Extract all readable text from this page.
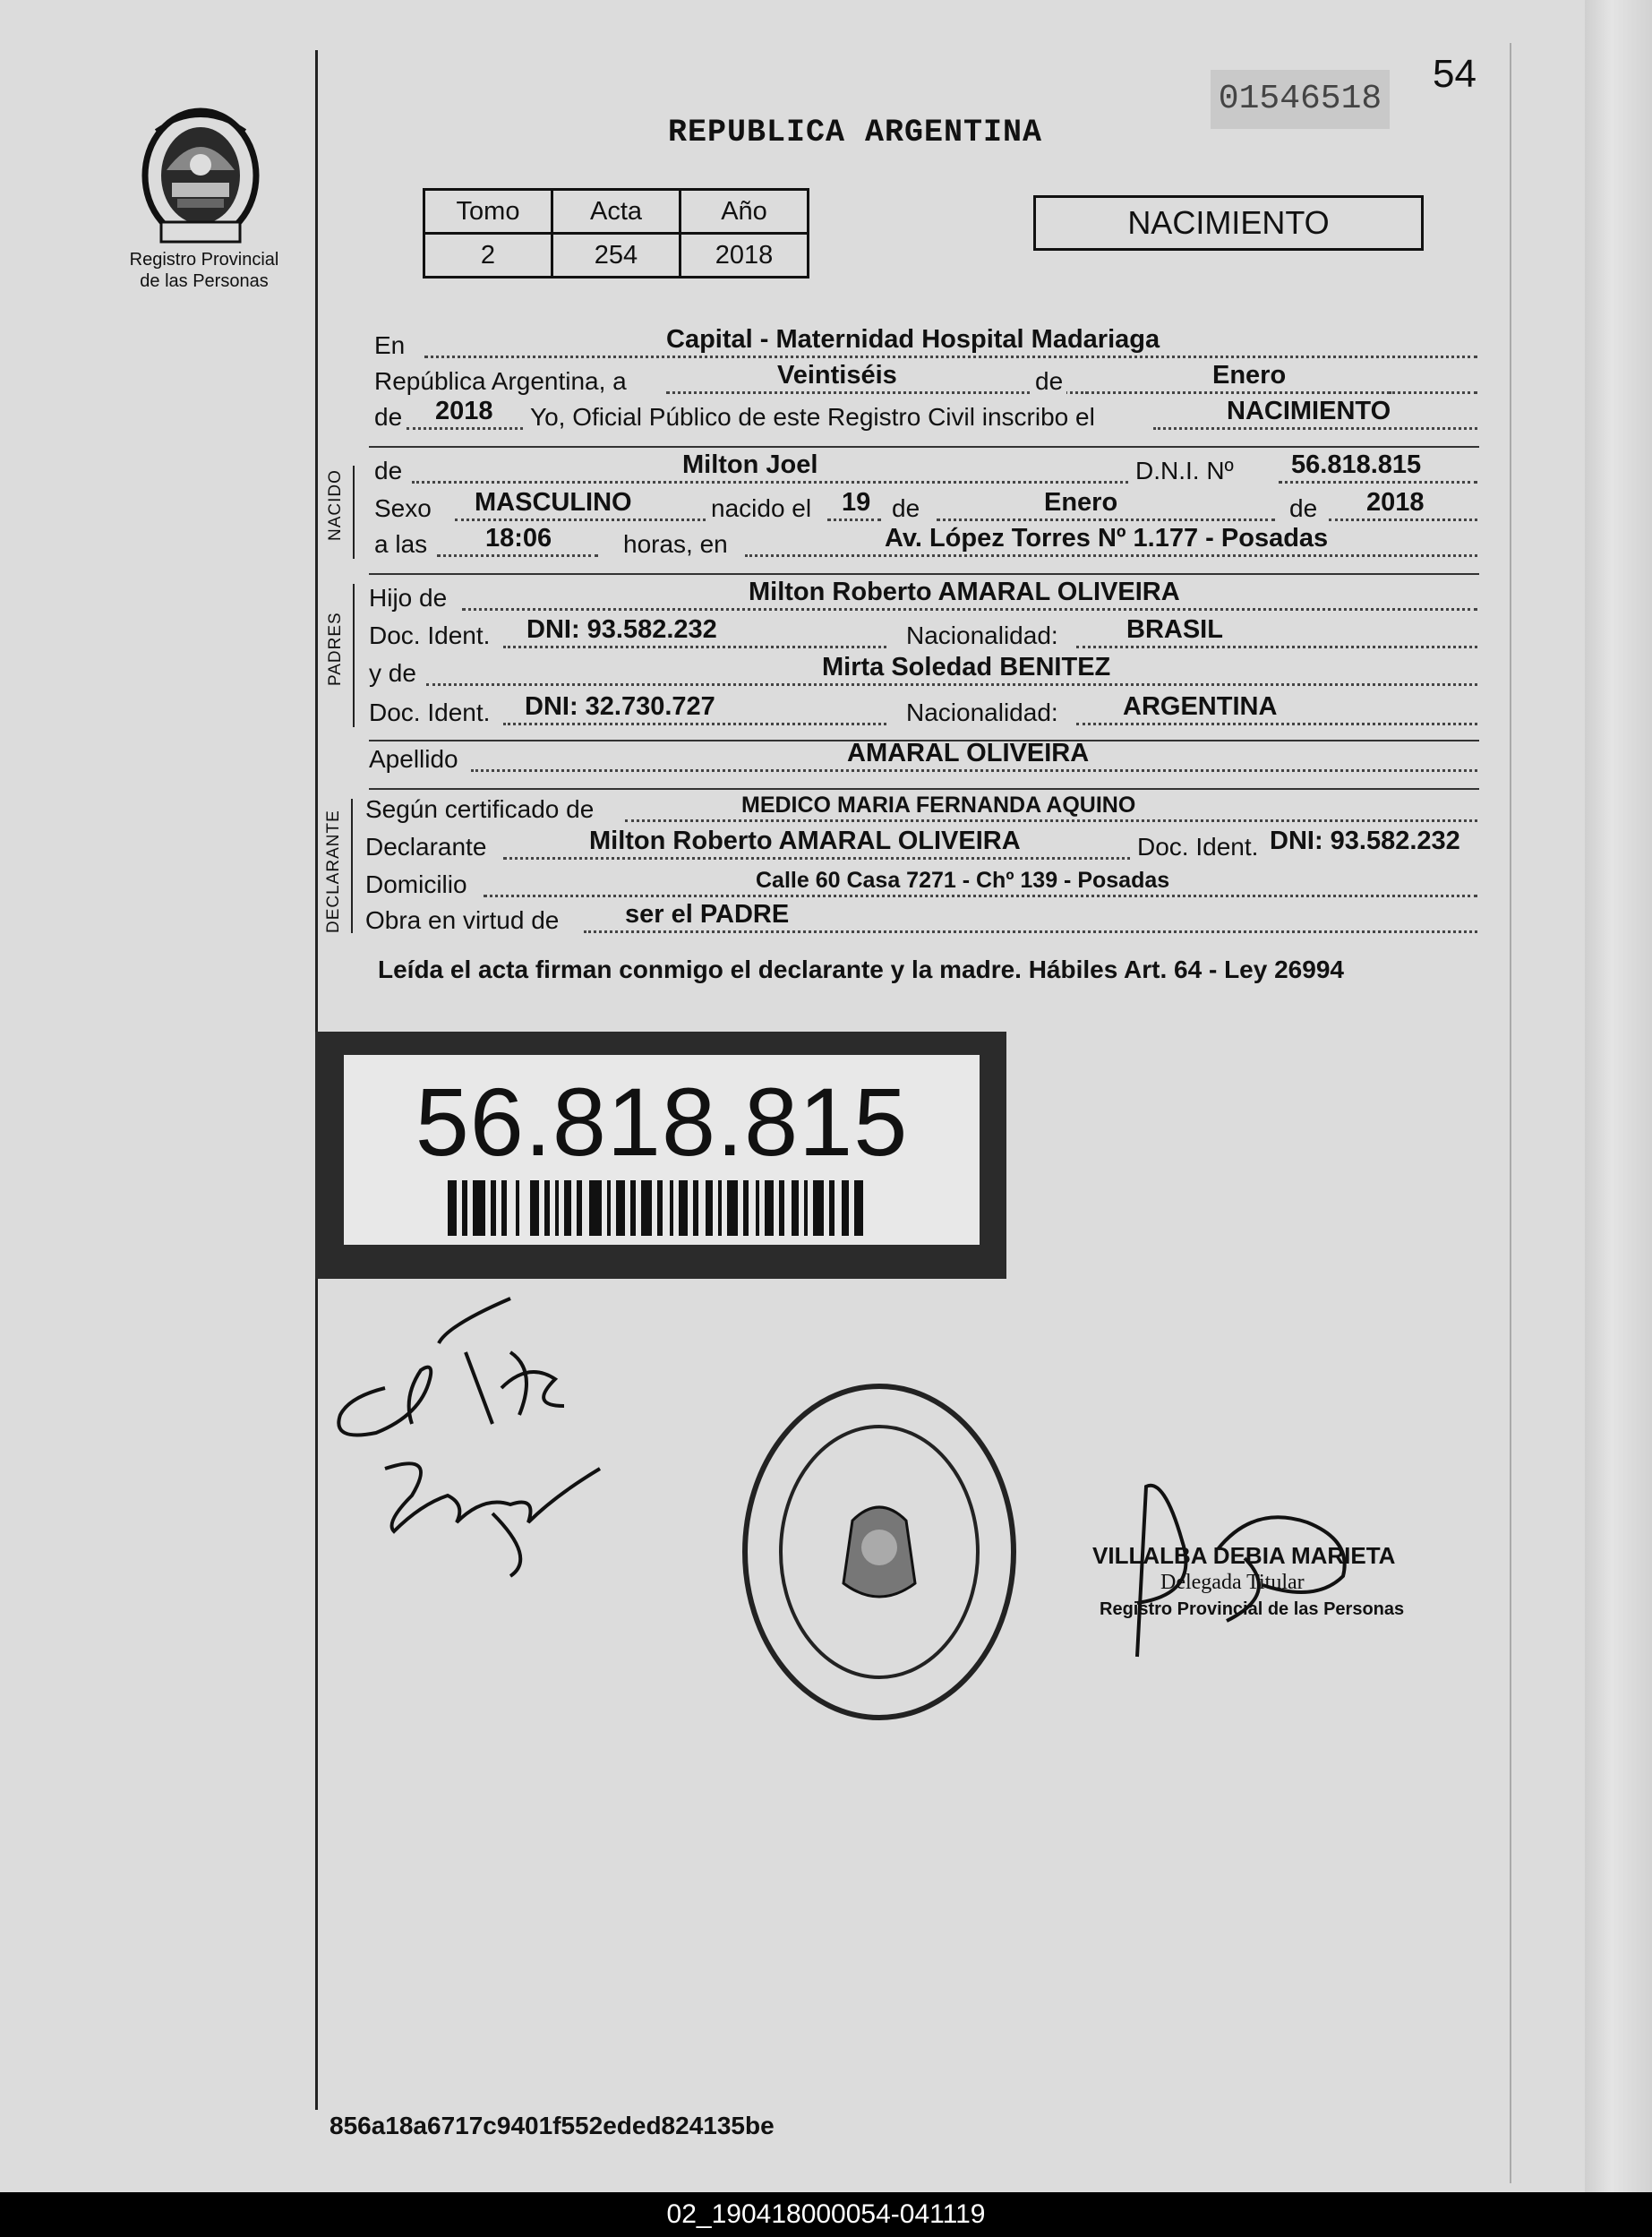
Registro Provincial
de las Personas
01546518
54
REPUBLICA ARGENTINA
Tomo	Acta	Año
2	254	2018
NACIMIENTO
En	Capital - Maternidad Hospital Madariaga
República Argentina, a	Veintiséis	de	Enero
de 2018 Yo, Oficial Público de este Registro Civil inscribo el	NACIMIENTO
NACIDO de	Milton Joel	D.N.I. Nº 56.818.815
Sexo MASCULINO	nacido el 19 de	Enero	de 2018
a las 18:06	horas, en	Av. López Torres Nº 1.177 - Posadas
PADRES
Hijo de	Milton Roberto AMARAL OLIVEIRA
Doc. Ident. DNI: 93.582.232	Nacionalidad:	BRASIL
y de	Mirta Soledad BENITEZ
Doc. Ident. DNI: 32.730.727	Nacionalidad: ARGENTINA
Apellido	AMARAL OLIVEIRA
DECLARANTE
Según certificado de	MEDICO MARIA FERNANDA AQUINO
Declarante	Milton Roberto AMARAL OLIVEIRA	Doc. Ident. DNI: 93.582.232
Domicilio	Calle 60 Casa 7271 - Chº 139 - Posadas
Obra en virtud de	ser el PADRE
Leída el acta firman conmigo el declarante y la madre. Hábiles Art. 64 - Ley 26994
56.818.815
VILLALBA DEBIA MARIETA
Delegada Titular
Registro Provincial de las Personas
856a18a6717c9401f552eded824135be
02_190418000054-041119
